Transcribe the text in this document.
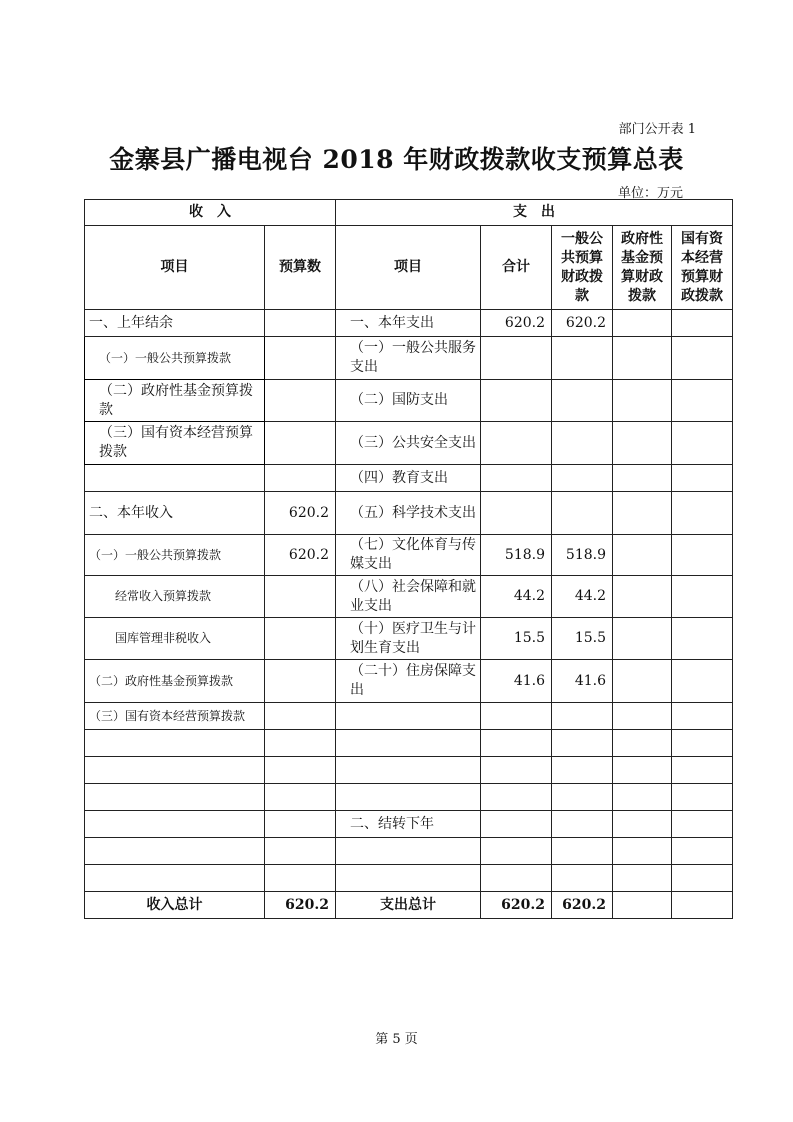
部门公开表 1
金寨县广播电视台 2018 年财政拨款收支预算总表
单位：万元
收　入		支　出				
项目	预算数	项目	合计	一般公共预算财政拨款	政府性基金预算财政拨款	国有资本经营预算财政拨款
一、上年结余		一、本年支出	620.2	620.2		
（一）一般公共预算拨款		（一）一般公共服务支出				
（二）政府性基金预算拨款		（二）国防支出				
（三）国有资本经营预算拨款		（三）公共安全支出				
		（四）教育支出				
二、本年收入	620.2	（五）科学技术支出				
（一）一般公共预算拨款	620.2	（七）文化体育与传媒支出	518.9	518.9		
经常收入预算拨款		（八）社会保障和就业支出	44.2	44.2		
国库管理非税收入		（十）医疗卫生与计划生育支出	15.5	15.5		
（二）政府性基金预算拨款		（二十）住房保障支出	41.6	41.6		
（三）国有资本经营预算拨款						

		二、结转下年				

收入总计	620.2	支出总计	620.2	620.2		
第 5 页
